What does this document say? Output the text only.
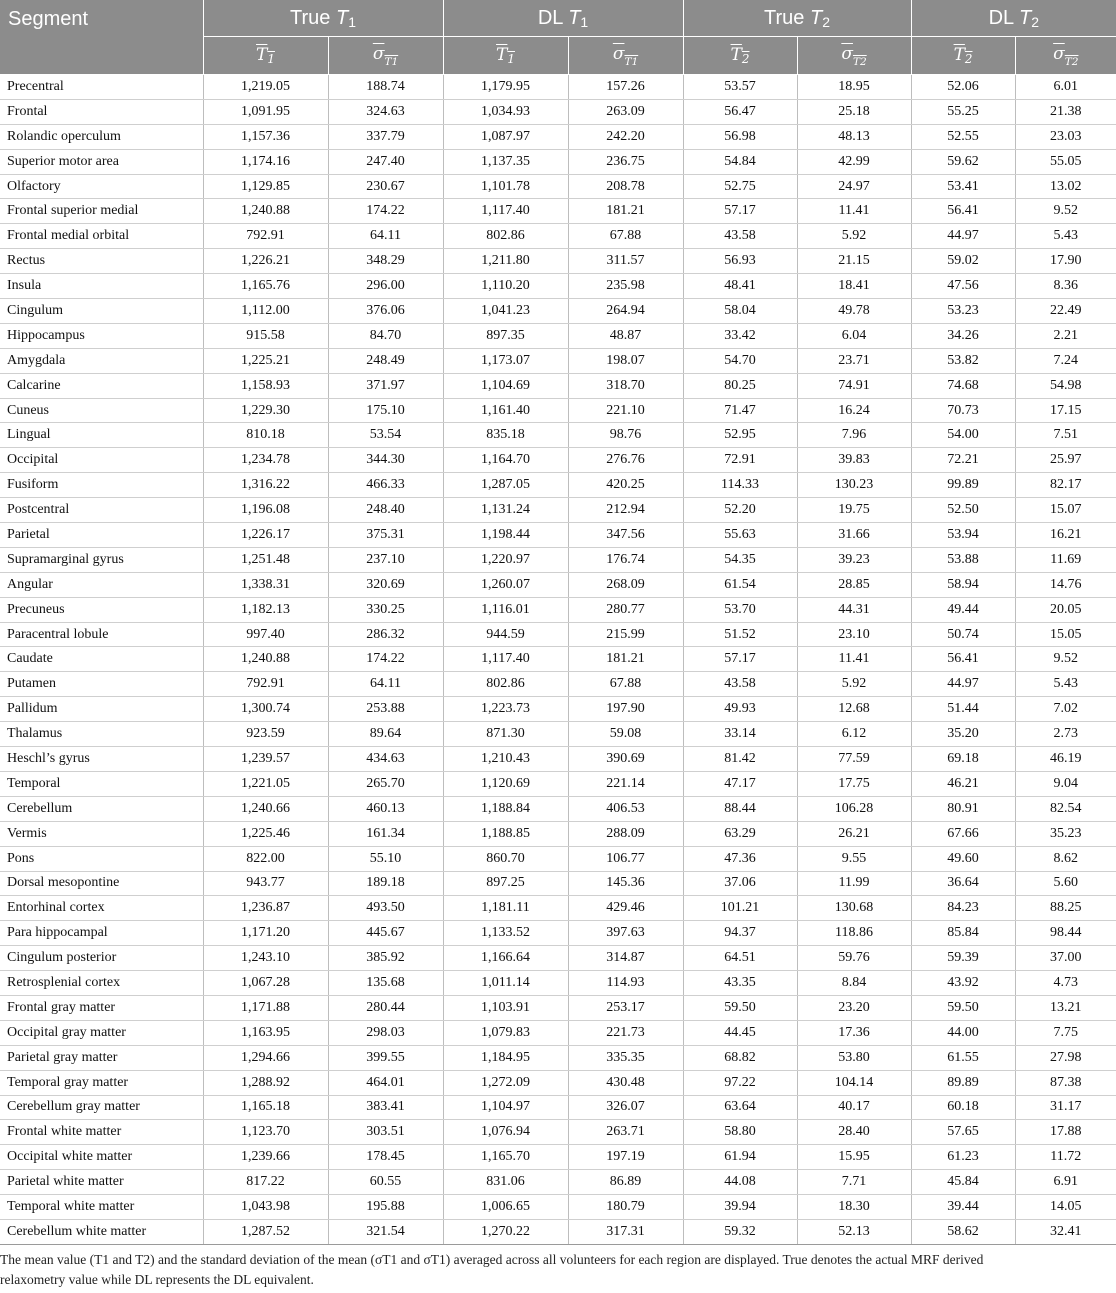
Segment	True $T_1$		DL $T_1$		True $T_2$		DL $T_2$
	$T_1$	$\sigma_{T1}$	$T_1$	$\sigma_{T1}$	$T_2$	$\sigma_{T2}$	$T_2$	$\sigma_{T2}$
Precentral	1,219.05	188.74	1,179.95	157.26	53.57	18.95	52.06	6.01
Frontal	1,091.95	324.63	1,034.93	263.09	56.47	25.18	55.25	21.38
Rolandic operculum	1,157.36	337.79	1,087.97	242.20	56.98	48.13	52.55	23.03
Superior motor area	1,174.16	247.40	1,137.35	236.75	54.84	42.99	59.62	55.05
Olfactory	1,129.85	230.67	1,101.78	208.78	52.75	24.97	53.41	13.02
Frontal superior medial	1,240.88	174.22	1,117.40	181.21	57.17	11.41	56.41	9.52
Frontal medial orbital	792.91	64.11	802.86	67.88	43.58	5.92	44.97	5.43
Rectus	1,226.21	348.29	1,211.80	311.57	56.93	21.15	59.02	17.90
Insula	1,165.76	296.00	1,110.20	235.98	48.41	18.41	47.56	8.36
Cingulum	1,112.00	376.06	1,041.23	264.94	58.04	49.78	53.23	22.49
Hippocampus	915.58	84.70	897.35	48.87	33.42	6.04	34.26	2.21
Amygdala	1,225.21	248.49	1,173.07	198.07	54.70	23.71	53.82	7.24
Calcarine	1,158.93	371.97	1,104.69	318.70	80.25	74.91	74.68	54.98
Cuneus	1,229.30	175.10	1,161.40	221.10	71.47	16.24	70.73	17.15
Lingual	810.18	53.54	835.18	98.76	52.95	7.96	54.00	7.51
Occipital	1,234.78	344.30	1,164.70	276.76	72.91	39.83	72.21	25.97
Fusiform	1,316.22	466.33	1,287.05	420.25	114.33	130.23	99.89	82.17
Postcentral	1,196.08	248.40	1,131.24	212.94	52.20	19.75	52.50	15.07
Parietal	1,226.17	375.31	1,198.44	347.56	55.63	31.66	53.94	16.21
Supramarginal gyrus	1,251.48	237.10	1,220.97	176.74	54.35	39.23	53.88	11.69
Angular	1,338.31	320.69	1,260.07	268.09	61.54	28.85	58.94	14.76
Precuneus	1,182.13	330.25	1,116.01	280.77	53.70	44.31	49.44	20.05
Paracentral lobule	997.40	286.32	944.59	215.99	51.52	23.10	50.74	15.05
Caudate	1,240.88	174.22	1,117.40	181.21	57.17	11.41	56.41	9.52
Putamen	792.91	64.11	802.86	67.88	43.58	5.92	44.97	5.43
Pallidum	1,300.74	253.88	1,223.73	197.90	49.93	12.68	51.44	7.02
Thalamus	923.59	89.64	871.30	59.08	33.14	6.12	35.20	2.73
Heschl’s gyrus	1,239.57	434.63	1,210.43	390.69	81.42	77.59	69.18	46.19
Temporal	1,221.05	265.70	1,120.69	221.14	47.17	17.75	46.21	9.04
Cerebellum	1,240.66	460.13	1,188.84	406.53	88.44	106.28	80.91	82.54
Vermis	1,225.46	161.34	1,188.85	288.09	63.29	26.21	67.66	35.23
Pons	822.00	55.10	860.70	106.77	47.36	9.55	49.60	8.62
Dorsal mesopontine	943.77	189.18	897.25	145.36	37.06	11.99	36.64	5.60
Entorhinal cortex	1,236.87	493.50	1,181.11	429.46	101.21	130.68	84.23	88.25
Para hippocampal	1,171.20	445.67	1,133.52	397.63	94.37	118.86	85.84	98.44
Cingulum posterior	1,243.10	385.92	1,166.64	314.87	64.51	59.76	59.39	37.00
Retrosplenial cortex	1,067.28	135.68	1,011.14	114.93	43.35	8.84	43.92	4.73
Frontal gray matter	1,171.88	280.44	1,103.91	253.17	59.50	23.20	59.50	13.21
Occipital gray matter	1,163.95	298.03	1,079.83	221.73	44.45	17.36	44.00	7.75
Parietal gray matter	1,294.66	399.55	1,184.95	335.35	68.82	53.80	61.55	27.98
Temporal gray matter	1,288.92	464.01	1,272.09	430.48	97.22	104.14	89.89	87.38
Cerebellum gray matter	1,165.18	383.41	1,104.97	326.07	63.64	40.17	60.18	31.17
Frontal white matter	1,123.70	303.51	1,076.94	263.71	58.80	28.40	57.65	17.88
Occipital white matter	1,239.66	178.45	1,165.70	197.19	61.94	15.95	61.23	11.72
Parietal white matter	817.22	60.55	831.06	86.89	44.08	7.71	45.84	6.91
Temporal white matter	1,043.98	195.88	1,006.65	180.79	39.94	18.30	39.44	14.05
Cerebellum white matter	1,287.52	321.54	1,270.22	317.31	59.32	52.13	58.62	32.41
The mean value (T1 and T2) and the standard deviation of the mean (σT1 and σT1) averaged across all volunteers for each region are displayed. True denotes the actual MRF derived
relaxometry value while DL represents the DL equivalent.
